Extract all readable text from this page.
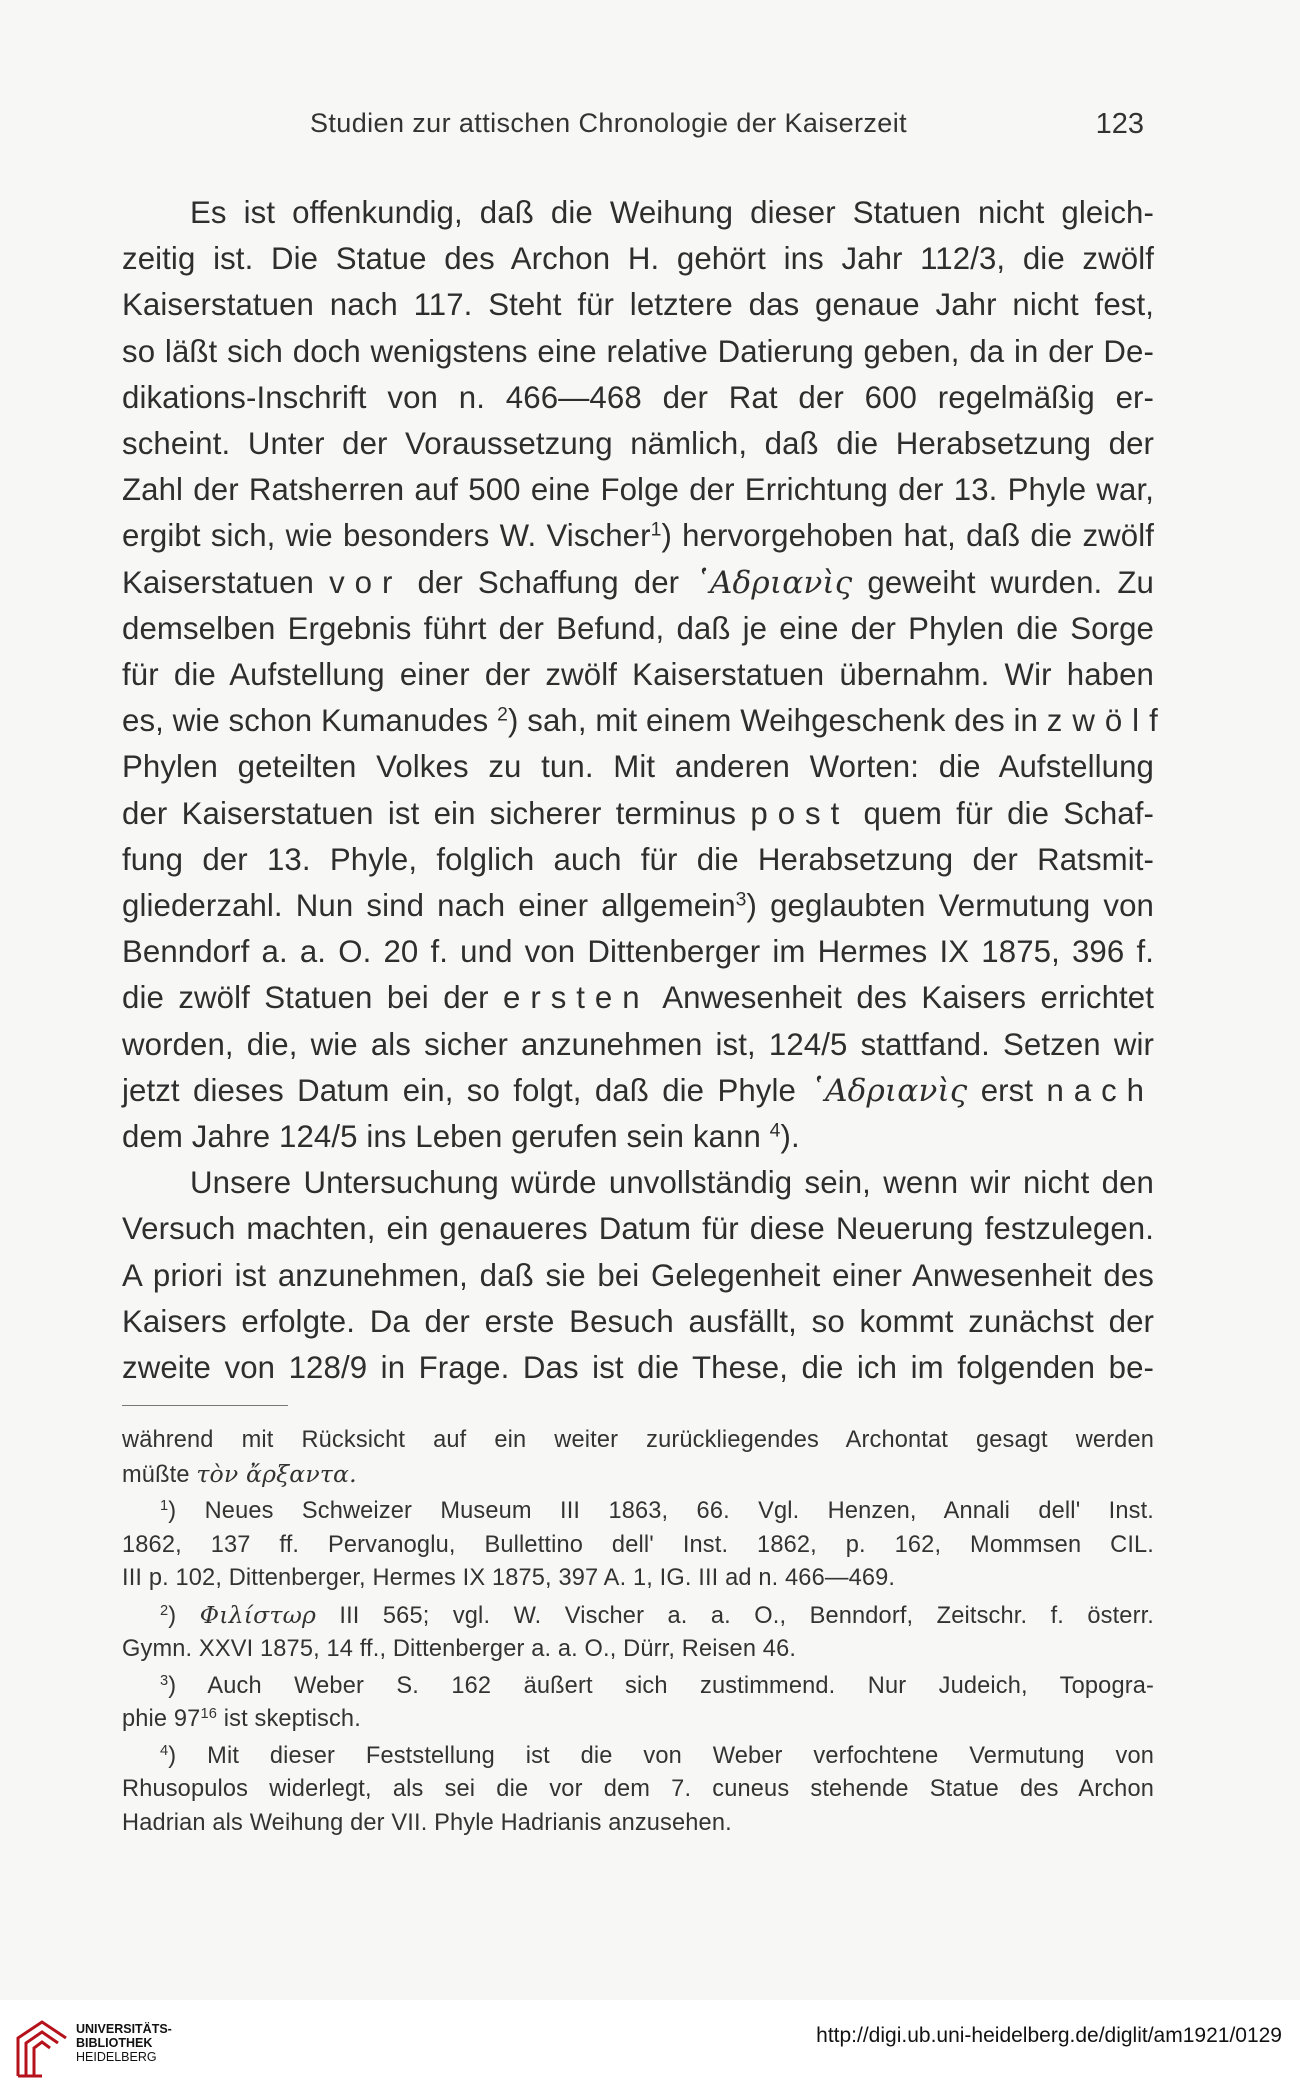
Studien zur attischen Chronologie der Kaiserzeit	123
Es ist offenkundig, daß die Weihung dieser Statuen nicht gleich-
zeitig ist. Die Statue des Archon H. gehört ins Jahr 112/3, die zwölf
Kaiserstatuen nach 117. Steht für letztere das genaue Jahr nicht fest,
so läßt sich doch wenigstens eine relative Datierung geben, da in der De-
dikations-Inschrift von n. 466—468 der Rat der 600 regelmäßig er-
scheint. Unter der Voraussetzung nämlich, daß die Herabsetzung der
Zahl der Ratsherren auf 500 eine Folge der Errichtung der 13. Phyle war,
ergibt sich, wie besonders W. Vischer$^1$) hervorgehoben hat, daß die zwölf
Kaiserstatuen vor der Schaffung der ῾Αδριανὶς geweiht wurden. Zu
demselben Ergebnis führt der Befund, daß je eine der Phylen die Sorge
für die Aufstellung einer der zwölf Kaiserstatuen übernahm. Wir haben
es, wie schon Kumanudes $^2$) sah, mit einem Weihgeschenk des in zwölf
Phylen geteilten Volkes zu tun. Mit anderen Worten: die Aufstellung
der Kaiserstatuen ist ein sicherer terminus post quem für die Schaf-
fung der 13. Phyle, folglich auch für die Herabsetzung der Ratsmit-
gliederzahl. Nun sind nach einer allgemein$^3$) geglaubten Vermutung von
Benndorf a. a. O. 20 f. und von Dittenberger im Hermes IX 1875, 396 f.
die zwölf Statuen bei der ersten Anwesenheit des Kaisers errichtet
worden, die, wie als sicher anzunehmen ist, 124/5 stattfand. Setzen wir
jetzt dieses Datum ein, so folgt, daß die Phyle ῾Αδριανὶς erst nach
dem Jahre 124/5 ins Leben gerufen sein kann $^4$).
Unsere Untersuchung würde unvollständig sein, wenn wir nicht den
Versuch machten, ein genaueres Datum für diese Neuerung festzulegen.
A priori ist anzunehmen, daß sie bei Gelegenheit einer Anwesenheit des
Kaisers erfolgte. Da der erste Besuch ausfällt, so kommt zunächst der
zweite von 128/9 in Frage. Das ist die These, die ich im folgenden be-
während mit Rücksicht auf ein weiter zurückliegendes Archontat gesagt werden
müßte τὸν ἄρξαντα.
$^1$) Neues Schweizer Museum III 1863, 66. Vgl. Henzen, Annali dell' Inst.
1862, 137 ff. Pervanoglu, Bullettino dell' Inst. 1862, p. 162, Mommsen CIL.
III p. 102, Dittenberger, Hermes IX 1875, 397 A. 1, IG. III ad n. 466—469.
$^2$) Φιλίστωρ III 565; vgl. W. Vischer a. a. O., Benndorf, Zeitschr. f. österr.
Gymn. XXVI 1875, 14 ff., Dittenberger a. a. O., Dürr, Reisen 46.
$^3$) Auch Weber S. 162 äußert sich zustimmend. Nur Judeich, Topogra-
phie $97^{16}$ ist skeptisch.
$^4$) Mit dieser Feststellung ist die von Weber verfochtene Vermutung von
Rhusopulos widerlegt, als sei die vor dem 7. cuneus stehende Statue des Archon
Hadrian als Weihung der VII. Phyle Hadrianis anzusehen.
UNIVERSITÄTS-
BIBLIOTHEK
HEIDELBERG
http://digi.ub.uni-heidelberg.de/diglit/am1921/0129
